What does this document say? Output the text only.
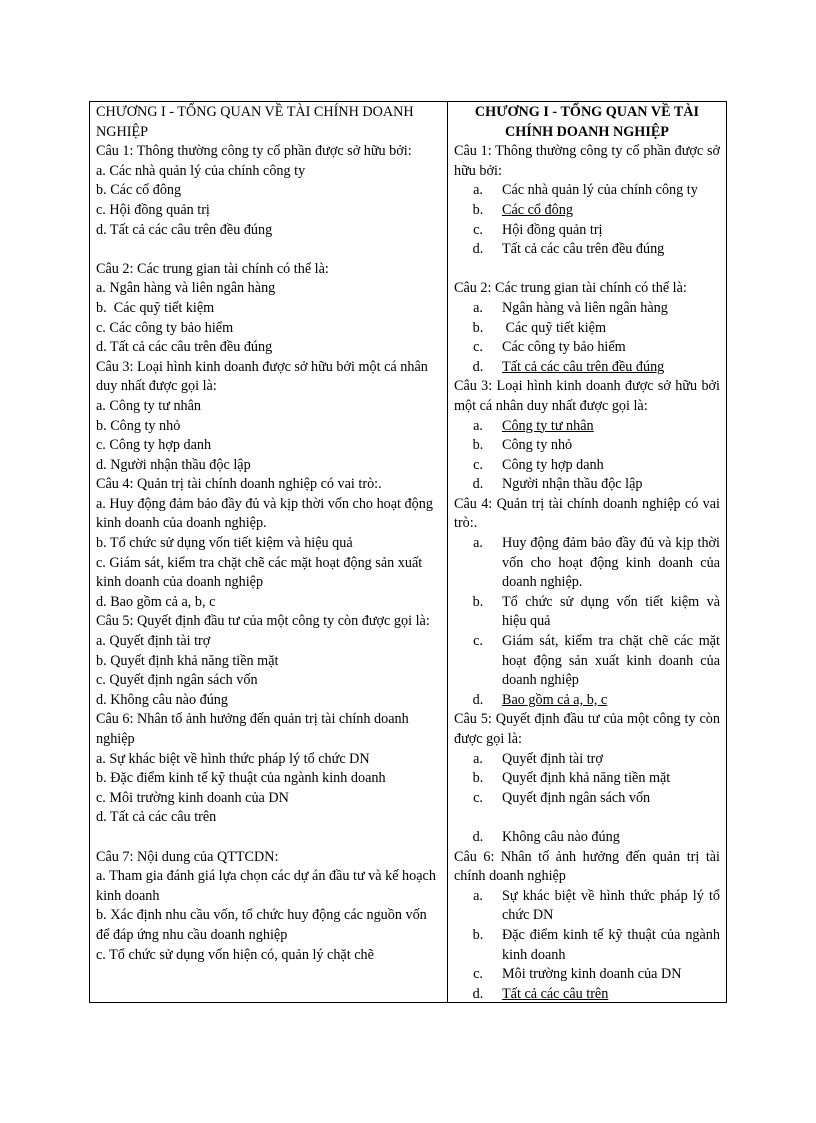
CHƯƠNG I - TỔNG QUAN VỀ TÀI CHÍNH DOANH NGHIỆP

Câu 1: Thông thường công ty cổ phần được sở hữu bởi:

a. Các nhà quản lý của chính công ty

b. Các cổ đông

c. Hội đồng quản trị

d. Tất cả các câu trên đều đúng

Câu 2: Các trung gian tài chính có thể là:

a. Ngân hàng và liên ngân hàng

b.  Các quỹ tiết kiệm

c. Các công ty bảo hiểm

d. Tất cả các câu trên đều đúng

Câu 3: Loại hình kinh doanh được sở hữu bởi một cá nhân duy nhất được gọi là:

a. Công ty tư nhân

b. Công ty nhỏ

c. Công ty hợp danh

d. Người nhận thầu độc lập

Câu 4: Quản trị tài chính doanh nghiệp có vai trò:.

a. Huy động đảm bảo đầy đủ và kịp thời vốn cho hoạt động kinh doanh của doanh nghiệp.

b. Tổ chức sử dụng vốn tiết kiệm và hiệu quả

c. Giám sát, kiểm tra chặt chẽ các mặt hoạt động sản xuất kinh doanh của doanh nghiệp

d. Bao gồm cả a, b, c

Câu 5: Quyết định đầu tư của một công ty còn được gọi là:

a. Quyết định tài trợ

b. Quyết định khả năng tiền mặt

c. Quyết định ngân sách vốn

d. Không câu nào đúng

Câu 6: Nhân tố ảnh hưởng đến quản trị tài chính doanh nghiệp

a. Sự khác biệt về hình thức pháp lý tổ chức DN

b. Đặc điểm kinh tế kỹ thuật của ngành kinh doanh

c. Môi trường kinh doanh của DN

d. Tất cả các câu trên

Câu 7: Nội dung của QTTCDN:

a. Tham gia đánh giá lựa chọn các dự án đầu tư và kế hoạch kinh doanh

b. Xác định nhu cầu vốn, tổ chức huy động các nguồn vốn để đáp ứng nhu cầu doanh nghiệp

c. Tổ chức sử dụng vốn hiện có, quản lý chặt chẽ

CHƯƠNG I - TỔNG QUAN VỀ TÀI CHÍNH DOANH NGHIỆP

Câu 1: Thông thường công ty cổ phần được sở hữu bởi:

a.	Các nhà quản lý của chính công ty
b.	Các cổ đông
c.	Hội đồng quản trị
d.	Tất cả các câu trên đều đúng

Câu 2: Các trung gian tài chính có thể là:

a.	Ngân hàng và liên ngân hàng
b.	Các quỹ tiết kiệm
c.	Các công ty bảo hiểm
d.	Tất cả các câu trên đều đúng

Câu 3: Loại hình kinh doanh được sở hữu bởi một cá nhân duy nhất được gọi là:

a.	Công ty tư nhân
b.	Công ty nhỏ
c.	Công ty hợp danh
d.	Người nhận thầu độc lập

Câu 4: Quản trị tài chính doanh nghiệp có vai trò:.

a.	Huy động đảm bảo đầy đủ và kịp thời vốn cho hoạt động kinh doanh của doanh nghiệp.
b.	Tổ chức sử dụng vốn tiết kiệm và hiệu quả
c.	Giám sát, kiểm tra chặt chẽ các mặt hoạt động sản xuất kinh doanh của doanh nghiệp
d.	Bao gồm cả a, b, c

Câu 5: Quyết định đầu tư của một công ty còn được gọi là:

a.	Quyết định tài trợ
b.	Quyết định khả năng tiền mặt
c.	Quyết định ngân sách vốn
d.	Không câu nào đúng

Câu 6: Nhân tố ảnh hưởng đến quản trị tài chính doanh nghiệp

a.	Sự khác biệt về hình thức pháp lý tổ chức DN
b.	Đặc điểm kinh tế kỹ thuật của ngành kinh doanh
c.	Môi trường kinh doanh của DN
d.	Tất cả các câu trên
